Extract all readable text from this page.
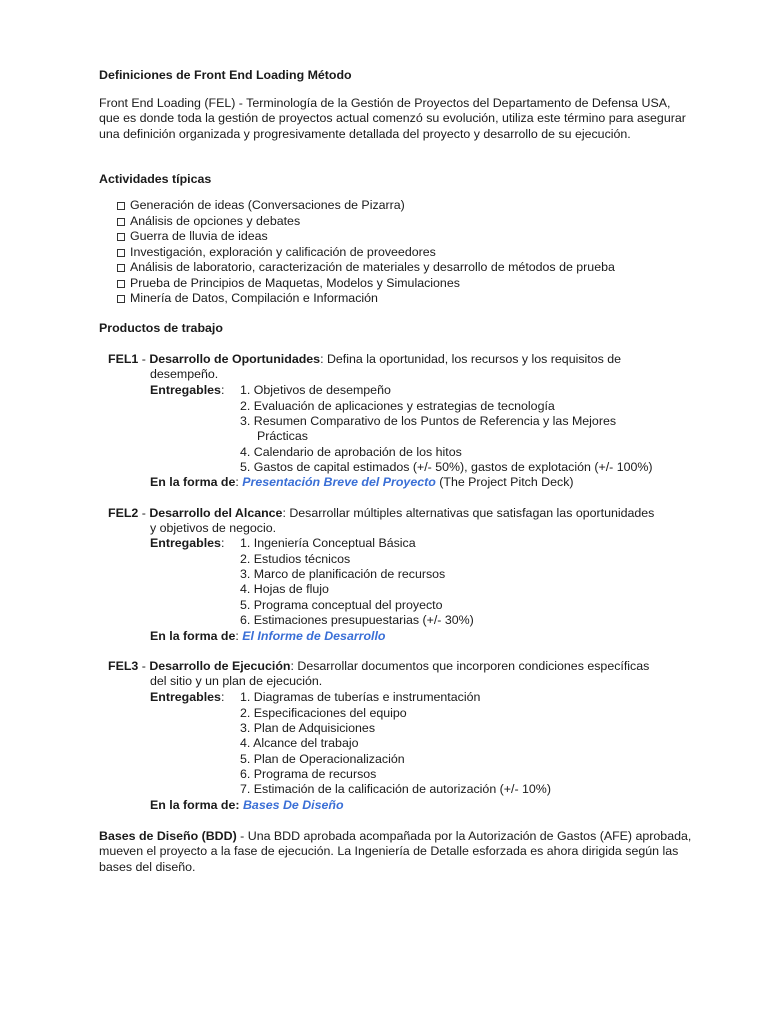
Definiciones de Front End Loading Método
Front End Loading (FEL) - Terminología de la Gestión de Proyectos del Departamento de Defensa USA, que es donde toda la gestión de proyectos actual comenzó su evolución, utiliza este término para asegurar una definición organizada y progresivamente detallada del proyecto y desarrollo de su ejecución.
Actividades típicas
Generación de ideas (Conversaciones de Pizarra)
Análisis de opciones y debates
Guerra de lluvia de ideas
Investigación, exploración y calificación de proveedores
Análisis de laboratorio, caracterización de materiales y desarrollo de métodos de prueba
Prueba de Principios de Maquetas, Modelos y Simulaciones
Minería de Datos, Compilación e Información
Productos de trabajo
FEL1 - Desarrollo de Oportunidades: Defina la oportunidad, los recursos y los requisitos de
desempeño.
Entregables: 1. Objetivos de desempeño
2. Evaluación de aplicaciones y estrategias de tecnología
3. Resumen Comparativo de los Puntos de Referencia y las Mejores
Prácticas
4. Calendario de aprobación de los hitos
5. Gastos de capital estimados (+/- 50%), gastos de explotación (+/- 100%)
En la forma de: Presentación Breve del Proyecto (The Project Pitch Deck)
FEL2 - Desarrollo del Alcance: Desarrollar múltiples alternativas que satisfagan las oportunidades
y objetivos de negocio.
Entregables: 1. Ingeniería Conceptual Básica
2. Estudios técnicos
3. Marco de planificación de recursos
4. Hojas de flujo
5. Programa conceptual del proyecto
6. Estimaciones presupuestarias (+/- 30%)
En la forma de: El Informe de Desarrollo
FEL3 - Desarrollo de Ejecución: Desarrollar documentos que incorporen condiciones específicas
del sitio y un plan de ejecución.
Entregables: 1. Diagramas de tuberías e instrumentación
2. Especificaciones del equipo
3. Plan de Adquisiciones
4. Alcance del trabajo
5. Plan de Operacionalización
6. Programa de recursos
7. Estimación de la calificación de autorización (+/- 10%)
En la forma de: Bases De Diseño
Bases de Diseño (BDD) - Una BDD aprobada acompañada por la Autorización de Gastos (AFE) aprobada, mueven el proyecto a la fase de ejecución. La Ingeniería de Detalle esforzada es ahora dirigida según las bases del diseño.
